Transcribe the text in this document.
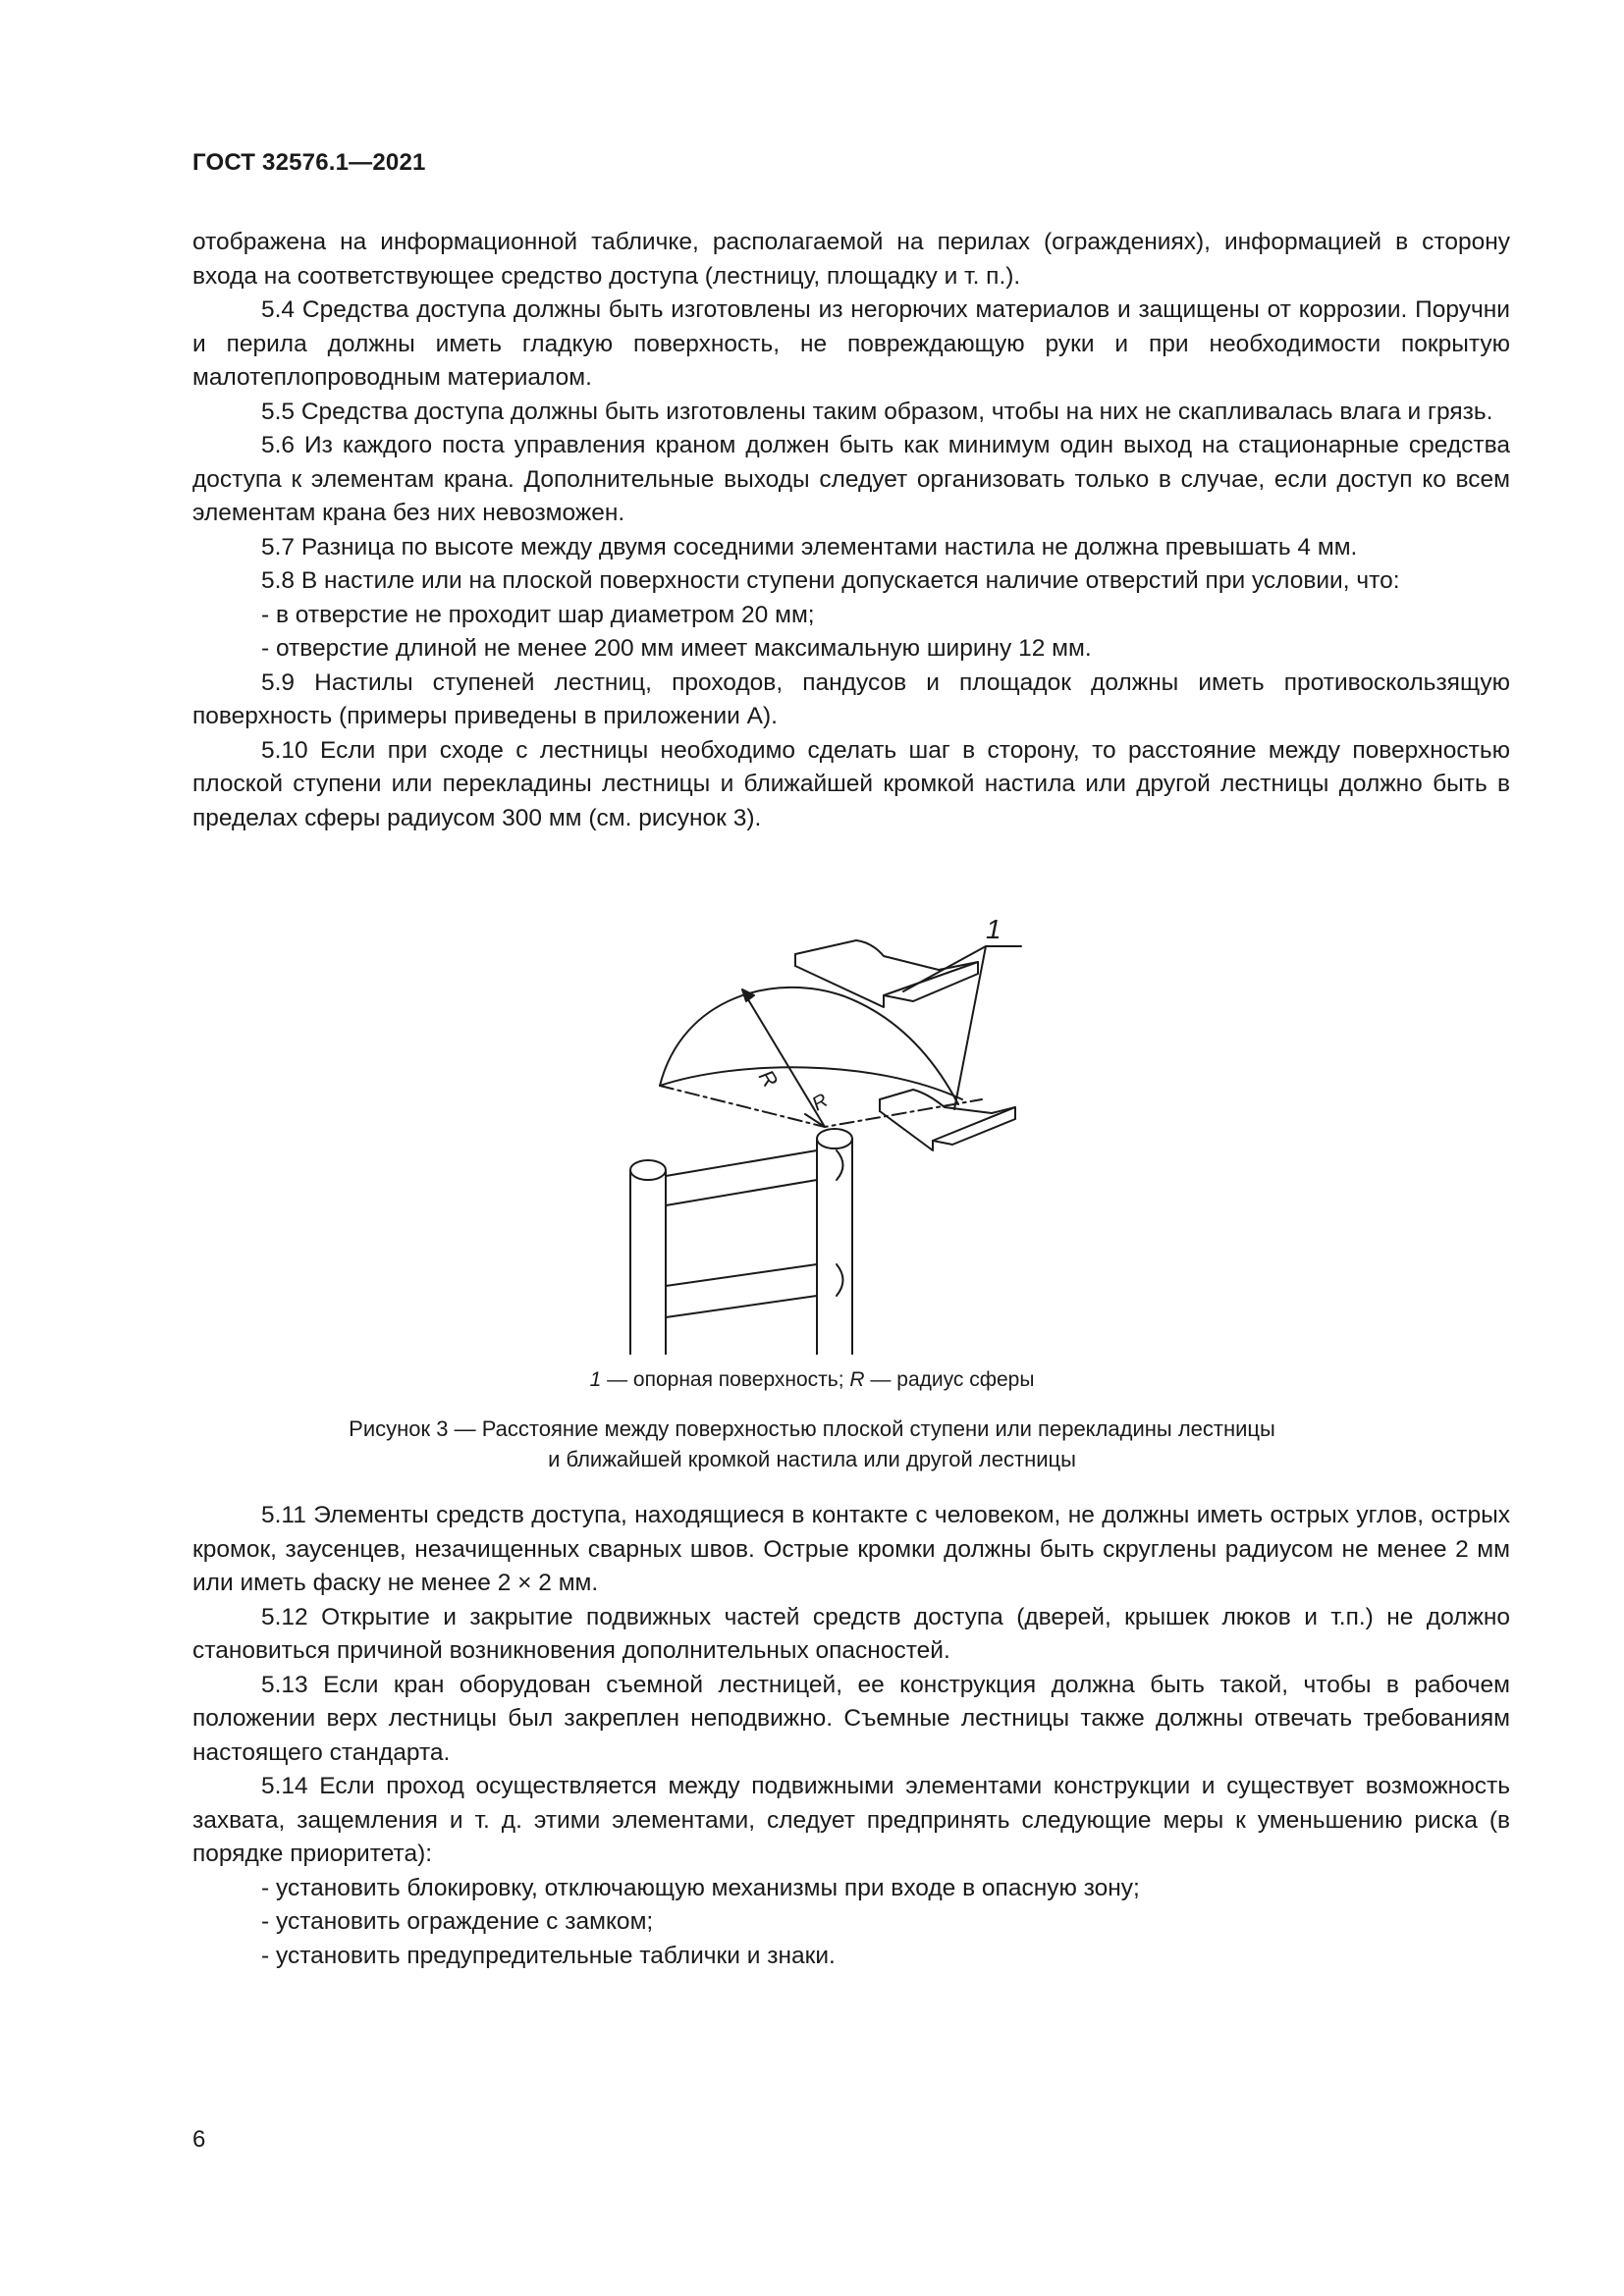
ГОСТ 32576.1—2021

отображена на информационной табличке, располагаемой на перилах (ограждениях), информацией в сторону входа на соответствующее средство доступа (лестницу, площадку и т. п.).

5.4 Средства доступа должны быть изготовлены из негорючих материалов и защищены от коррозии. Поручни и перила должны иметь гладкую поверхность, не повреждающую руки и при необходимости покрытую малотеплопроводным материалом.

5.5 Средства доступа должны быть изготовлены таким образом, чтобы на них не скапливалась влага и грязь.

5.6 Из каждого поста управления краном должен быть как минимум один выход на стационарные средства доступа к элементам крана. Дополнительные выходы следует организовать только в случае, если доступ ко всем элементам крана без них невозможен.

5.7 Разница по высоте между двумя соседними элементами настила не должна превышать 4 мм.

5.8 В настиле или на плоской поверхности ступени допускается наличие отверстий при условии, что:

- в отверстие не проходит шар диаметром 20 мм;

- отверстие длиной не менее 200 мм имеет максимальную ширину 12 мм.

5.9 Настилы ступеней лестниц, проходов, пандусов и площадок должны иметь противоскользящую поверхность (примеры приведены в приложении А).

5.10 Если при сходе с лестницы необходимо сделать шаг в сторону, то расстояние между поверхностью плоской ступени или перекладины лестницы и ближайшей кромкой настила или другой лестницы должно быть в пределах сферы радиусом 300 мм (см. рисунок 3).

1
R
R
1 — опорная поверхность; R — радиус сферы
Рисунок 3 — Расстояние между поверхностью плоской ступени или перекладины лестницы
и ближайшей кромкой настила или другой лестницы

5.11 Элементы средств доступа, находящиеся в контакте с человеком, не должны иметь острых углов, острых кромок, заусенцев, незачищенных сварных швов. Острые кромки должны быть скруглены радиусом не менее 2 мм или иметь фаску не менее 2 × 2 мм.

5.12 Открытие и закрытие подвижных частей средств доступа (дверей, крышек люков и т.п.) не должно становиться причиной возникновения дополнительных опасностей.

5.13 Если кран оборудован съемной лестницей, ее конструкция должна быть такой, чтобы в рабочем положении верх лестницы был закреплен неподвижно. Съемные лестницы также должны отвечать требованиям настоящего стандарта.

5.14 Если проход осуществляется между подвижными элементами конструкции и существует возможность захвата, защемления и т. д. этими элементами, следует предпринять следующие меры к уменьшению риска (в порядке приоритета):

- установить блокировку, отключающую механизмы при входе в опасную зону;

- установить ограждение с замком;

- установить предупредительные таблички и знаки.

6
